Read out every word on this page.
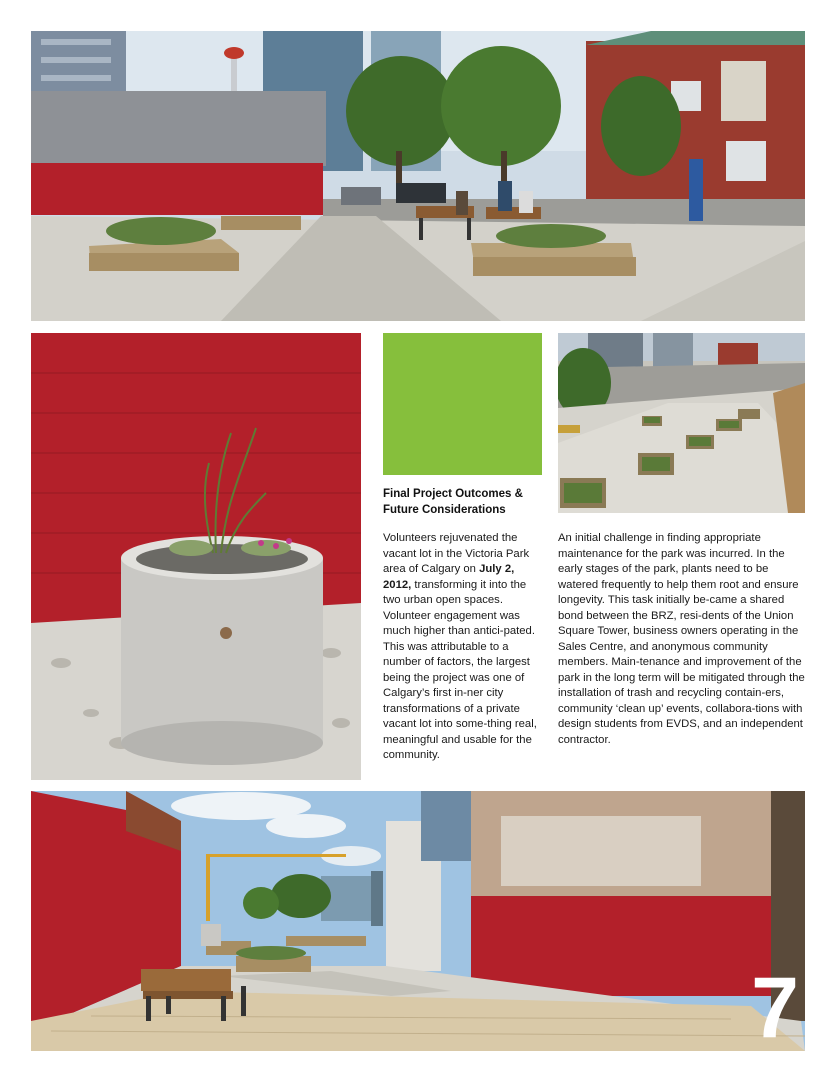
Final Project Outcomes & Future Considerations
Volunteers rejuvenated the vacant lot in the Victoria Park area of Calgary on July 2, 2012, transforming it into the two urban open spaces. Volunteer engagement was much higher than antici-pated. This was attributable to a number of factors, the largest being the project was one of Calgary’s first in-ner city transformations of a private vacant lot into some-thing real, meaningful and usable for the community.
An initial challenge in finding appropriate maintenance for the park was incurred. In the early stages of the park, plants need to be watered frequently to help them root and ensure longevity. This task initially be-came a shared bond between the BRZ, resi-dents of the Union Square Tower, business owners operating in the Sales Centre, and anonymous community members. Main-tenance and improvement of the park in the long term will be mitigated through the installation of trash and recycling contain-ers, community ‘clean up’ events, collabora-tions with design students from EVDS, and an independent contractor.
7
